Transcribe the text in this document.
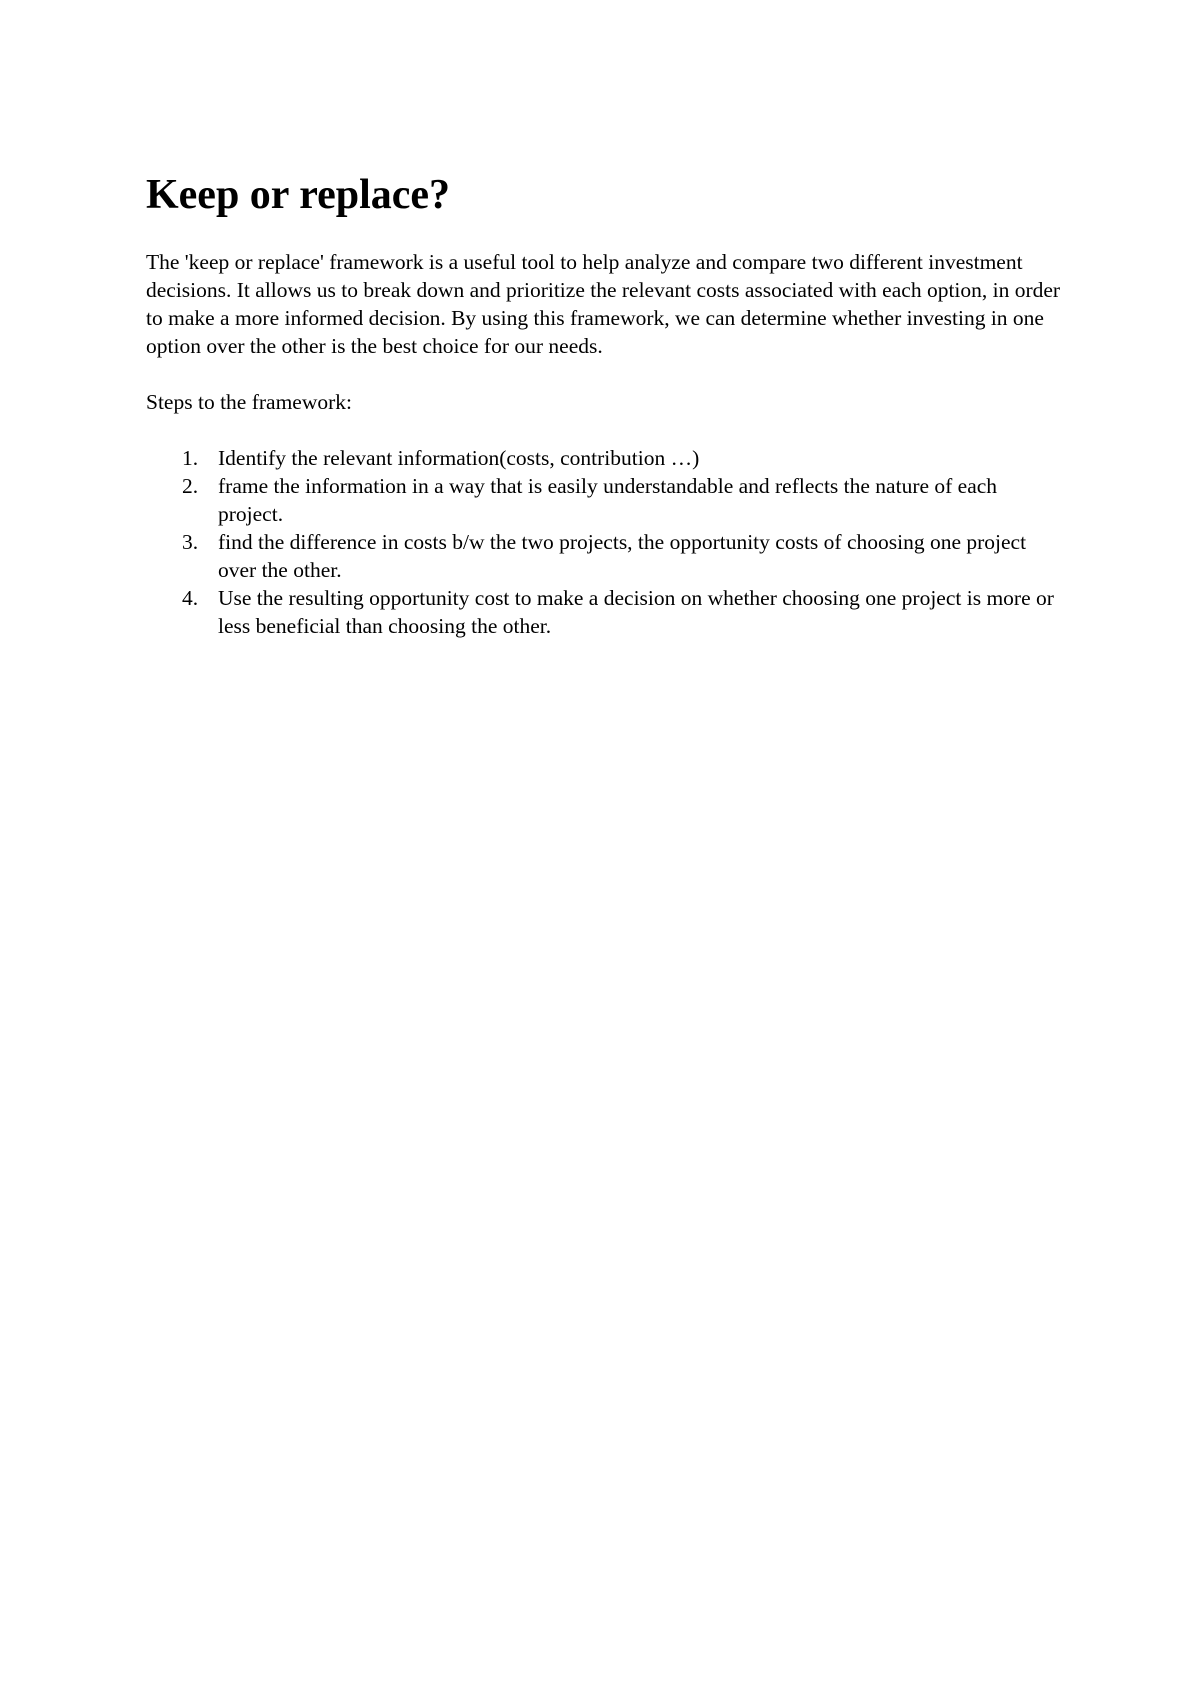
Keep or replace?

The 'keep or replace' framework is a useful tool to help analyze and compare two different investment decisions. It allows us to break down and prioritize the relevant costs associated with each option, in order to make a more informed decision. By using this framework, we can determine whether investing in one option over the other is the best choice for our needs.

Steps to the framework:

1. Identify the relevant information(costs, contribution …)
2. frame the information in a way that is easily understandable and reflects the nature of each project.
3. find the difference in costs b/w the two projects, the opportunity costs of choosing one project over the other.
4. Use the resulting opportunity cost to make a decision on whether choosing one project is more or less beneficial than choosing the other.
